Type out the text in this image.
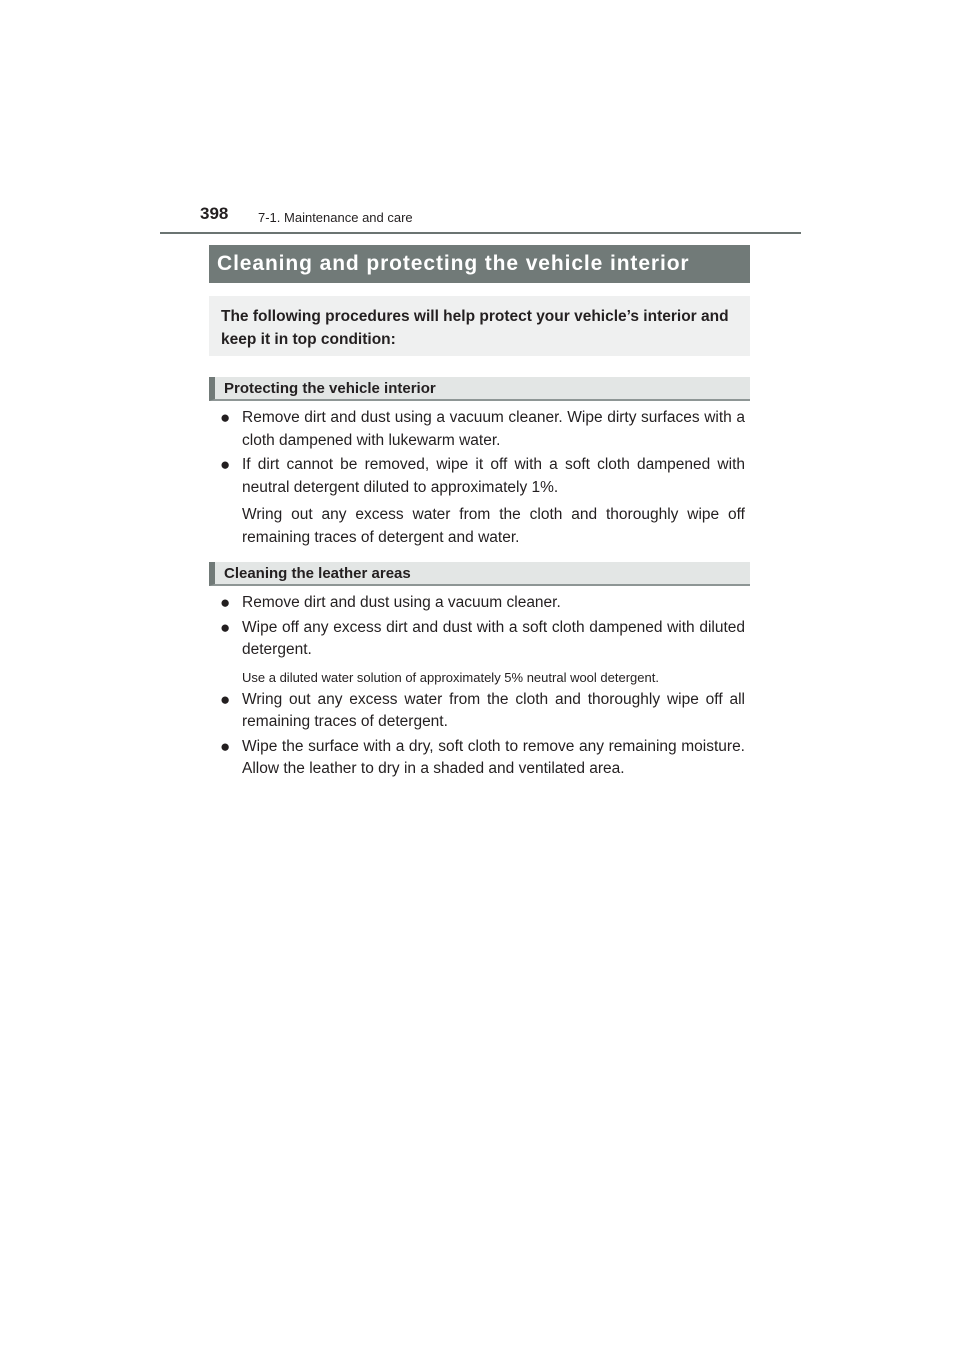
398 7-1. Maintenance and care
Cleaning and protecting the vehicle interior
The following procedures will help protect your vehicle’s interior and keep it in top condition:
Protecting the vehicle interior
● Remove dirt and dust using a vacuum cleaner. Wipe dirty surfaces with a cloth dampened with lukewarm water.
● If dirt cannot be removed, wipe it off with a soft cloth dampened with neutral detergent diluted to approximately 1%.
Wring out any excess water from the cloth and thoroughly wipe off remaining traces of detergent and water.
Cleaning the leather areas
● Remove dirt and dust using a vacuum cleaner.
● Wipe off any excess dirt and dust with a soft cloth dampened with diluted detergent.
Use a diluted water solution of approximately 5% neutral wool detergent.
● Wring out any excess water from the cloth and thoroughly wipe off all remaining traces of detergent.
● Wipe the surface with a dry, soft cloth to remove any remaining moisture. Allow the leather to dry in a shaded and ventilated area.
